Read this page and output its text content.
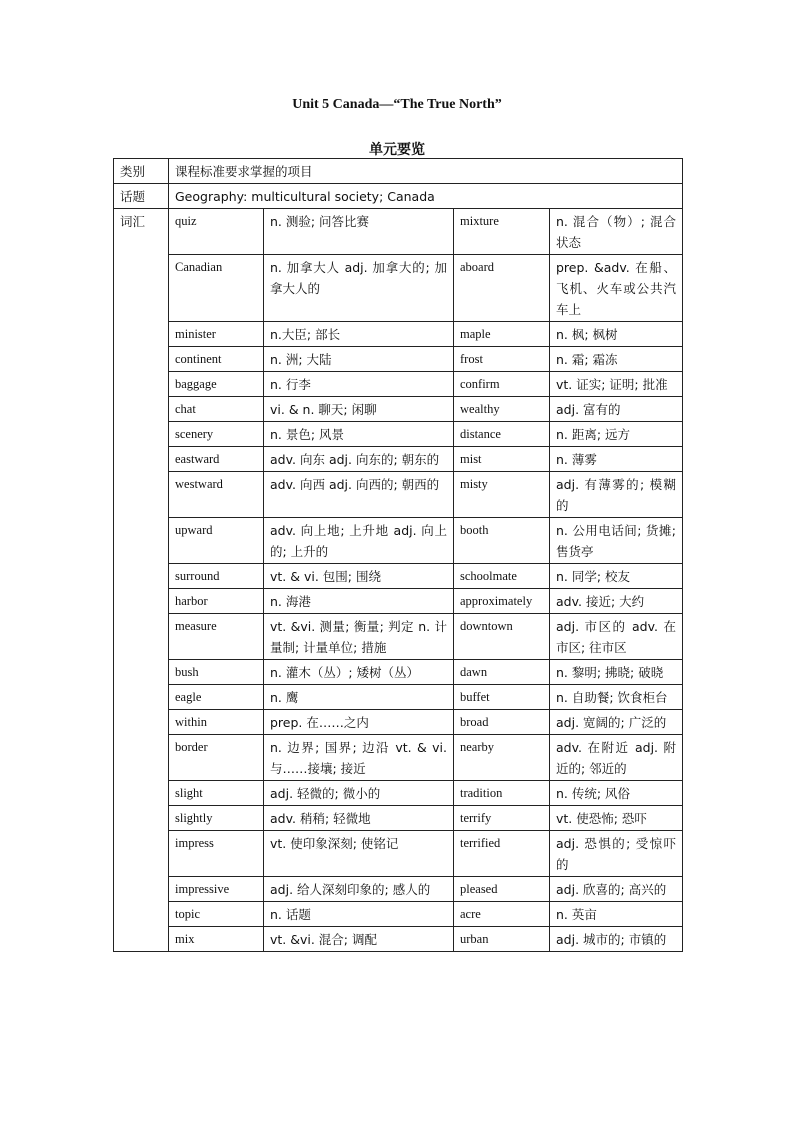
Unit 5 Canada—“The True North”
单元要览
类别	课程标准要求掌握的项目			
话题	Geography: multicultural society; Canada			
词汇	quiz	n. 测验; 问答比赛	mixture	n. 混合（物）; 混合状态
	Canadian	n. 加拿大人 adj. 加拿大的; 加拿大人的	aboard	prep. &adv. 在船、飞机、火车或公共汽车上
	minister	n.大臣; 部长	maple	n. 枫; 枫树
	continent	n. 洲; 大陆	frost	n. 霜; 霜冻
	baggage	n. 行李	confirm	vt. 证实; 证明; 批准
	chat	vi. & n. 聊天; 闲聊	wealthy	adj. 富有的
	scenery	n. 景色; 风景	distance	n. 距离; 远方
	eastward	adv. 向东 adj. 向东的; 朝东的	mist	n. 薄雾
	westward	adv. 向西 adj. 向西的; 朝西的	misty	adj. 有薄雾的; 模糊的
	upward	adv. 向上地; 上升地 adj. 向上的; 上升的	booth	n. 公用电话间; 货摊; 售货亭
	surround	vt. & vi. 包围; 围绕	schoolmate	n. 同学; 校友
	harbor	n. 海港	approximately	adv. 接近; 大约
	measure	vt. &vi. 测量; 衡量; 判定 n. 计量制; 计量单位; 措施	downtown	adj. 市区的 adv. 在市区; 往市区
	bush	n. 灌木（丛）; 矮树（丛）	dawn	n. 黎明; 拂晓; 破晓
	eagle	n. 鹰	buffet	n. 自助餐; 饮食柜台
	within	prep. 在……之内	broad	adj. 宽阔的; 广泛的
	border	n. 边界; 国界; 边沿 vt. & vi. 与……接壤; 接近	nearby	adv. 在附近 adj. 附近的; 邻近的
	slight	adj. 轻微的; 微小的	tradition	n. 传统; 风俗
	slightly	adv. 稍稍; 轻微地	terrify	vt. 使恐怖; 恐吓
	impress	vt. 使印象深刻; 使铭记	terrified	adj. 恐惧的; 受惊吓的
	impressive	adj. 给人深刻印象的; 感人的	pleased	adj. 欣喜的; 高兴的
	topic	n. 话题	acre	n. 英亩
	mix	vt. &vi. 混合; 调配	urban	adj. 城市的; 市镇的
